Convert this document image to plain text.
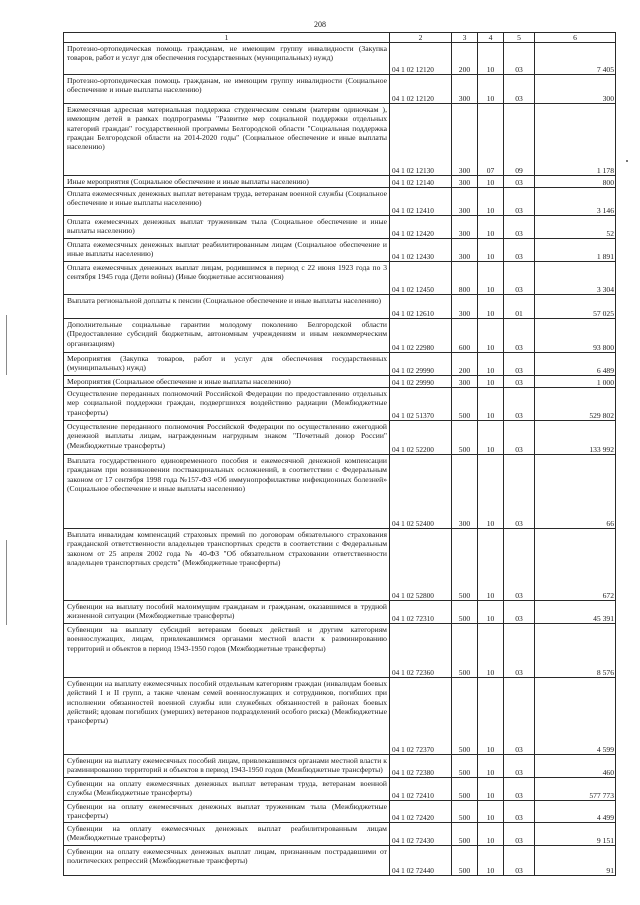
208
1	2	3	4	5	6
Протезно-ортопедическая помощь гражданам, не имеющим группу инвалидности (Закупка товаров, работ и услуг для обеспечения государственных (муниципальных) нужд)	04 1 02 12120	200	10	03	7 405
Протезно-ортопедическая помощь гражданам, не имеющим группу инвалидности (Социальное обеспечение и иные выплаты населению)	04 1 02 12120	300	10	03	300
Ежемесячная адресная материальная поддержка студенческим семьям (матерям одиночкам ), имеющим детей в рамках подпрограммы "Развитие мер социальной поддержки отдельных категорий граждан" государственной программы Белгородской области "Социальная поддержка граждан Белгородской области на 2014-2020 годы" (Социальное обеспечение и иные выплаты населению)	04 1 02 12130	300	07	09	1 178
Иные мероприятия (Социальное обеспечение и иные выплаты населению)	04 1 02 12140	300	10	03	800
Оплата ежемесячных денежных выплат ветеранам труда, ветеранам военной службы (Социальное обеспечение и иные выплаты населению)	04 1 02 12410	300	10	03	3 146
Оплата ежемесячных денежных выплат труженикам тыла (Социальное обеспечение и иные выплаты населению)	04 1 02 12420	300	10	03	52
Оплата ежемесячных денежных выплат реабилитированным лицам (Социальное обеспечение и иные выплаты населению)	04 1 02 12430	300	10	03	1 891
Оплата ежемесячных денежных выплат лицам, родившимся в период с 22 июня 1923 года по 3 сентября 1945 года (Дети войны) (Иные бюджетные ассигнования)	04 1 02 12450	800	10	03	3 304
Выплата региональной доплаты к пенсии (Социальное обеспечение и иные выплаты населению)	04 1 02 12610	300	10	01	57 025
Дополнительные социальные гарантии молодому поколению Белгородской области (Предоставление субсидий бюджетным, автономным учреждениям и иным некоммерческим организациям)	04 1 02 22980	600	10	03	93 800
Мероприятия (Закупка товаров, работ и услуг для обеспечения государственных (муниципальных) нужд)	04 1 02 29990	200	10	03	6 489
Мероприятия (Социальное обеспечение и иные выплаты населению)	04 1 02 29990	300	10	03	1 000
Осуществление переданных полномочий Российской Федерации по предоставлению отдельных мер социальной поддержки граждан, подвергшихся воздействию радиации (Межбюджетные трансферты)	04 1 02 51370	500	10	03	529 802
Осуществление переданного полномочия Российской Федерации по осуществлению ежегодной денежной выплаты лицам, награжденным нагрудным знаком "Почетный донор России"(Межбюджетные трансферты)	04 1 02 52200	500	10	03	133 992
Выплата государственного единовременного пособия и ежемесячной денежной компенсации гражданам при возникновении поствакцинальных осложнений, в соответствии с Федеральным законом от 17 сентября 1998 года №157-ФЗ «Об иммунопрофилактике инфекционных болезней» (Социальное обеспечение и иные выплаты населению)	04 1 02 52400	300	10	03	66
Выплата инвалидам компенсаций страховых премий по договорам обязательного страхования гражданской ответственности владельцев транспортных средств в соответствии с Федеральным законом от 25 апреля 2002 года № 40-ФЗ "Об обязательном страховании ответственности владельцев транспортных средств" (Межбюджетные трансферты)	04 1 02 52800	500	10	03	672
Субвенции на выплату пособий малоимущим гражданам и гражданам, оказавшимся в трудной жизненной ситуации (Межбюджетные трансферты)	04 1 02 72310	500	10	03	45 391
Субвенции на выплату субсидий ветеранам боевых действий и другим категориям военнослужащих, лицам, привлекавшимся органами местной власти к разминированию территорий и объектов в период 1943-1950 годов (Межбюджетные трансферты)	04 1 02 72360	500	10	03	8 576
Субвенции на выплату ежемесячных пособий отдельным категориям граждан (инвалидам боевых действий I и II групп, а также членам семей военнослужащих и сотрудников, погибших при исполнении обязанностей военной службы или служебных обязанностей в районах боевых действий; вдовам погибших (умерших) ветеранов подразделений особого риска) (Межбюджетные трансферты)	04 1 02 72370	500	10	03	4 599
Субвенции на выплату ежемесячных пособий лицам, привлекавшимся органами местной власти к разминированию территорий и объектов в период 1943-1950 годов (Межбюджетные трансферты)	04 1 02 72380	500	10	03	460
Субвенции на оплату ежемесячных денежных выплат ветеранам труда, ветеранам военной службы (Межбюджетные трансферты)	04 1 02 72410	500	10	03	577 773
Субвенции на оплату ежемесячных денежных выплат труженикам тыла (Межбюджетные трансферты)	04 1 02 72420	500	10	03	4 499
Субвенции на оплату ежемесячных денежных выплат реабилитированным лицам (Межбюджетные трансферты)	04 1 02 72430	500	10	03	9 151
Субвенции на оплату ежемесячных денежных выплат лицам, признанным пострадавшими от политических репрессий (Межбюджетные трансферты)	04 1 02 72440	500	10	03	91
